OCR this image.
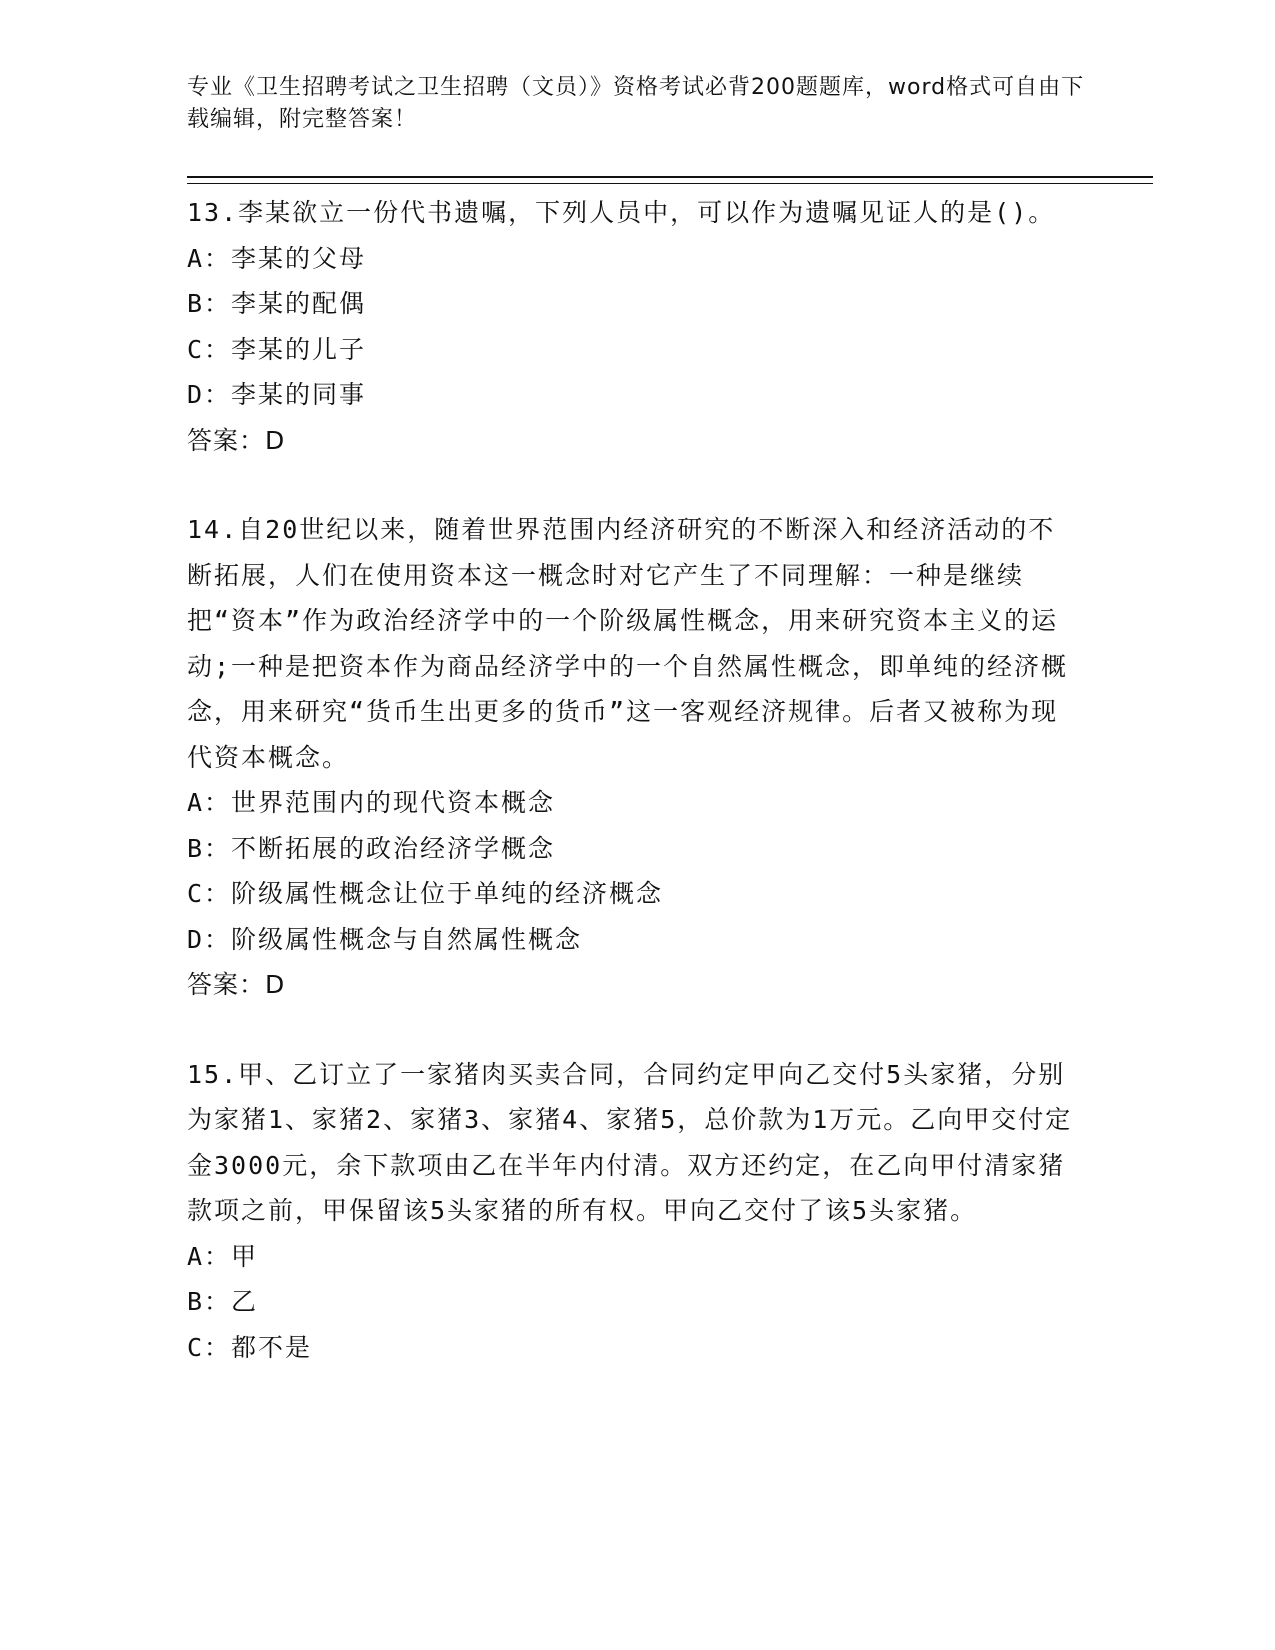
专业《卫生招聘考试之卫生招聘（文员）》资格考试必背200题题库，word格式可自由下载编辑，附完整答案！

13.李某欲立一份代书遗嘱，下列人员中，可以作为遗嘱见证人的是()。

A：李某的父母

B：李某的配偶

C：李某的儿子

D：李某的同事

答案：D

14.自20世纪以来，随着世界范围内经济研究的不断深入和经济活动的不断拓展，人们在使用资本这一概念时对它产生了不同理解：一种是继续把“资本”作为政治经济学中的一个阶级属性概念，用来研究资本主义的运动;一种是把资本作为商品经济学中的一个自然属性概念，即单纯的经济概念，用来研究“货币生出更多的货币”这一客观经济规律。后者又被称为现代资本概念。

A：世界范围内的现代资本概念

B：不断拓展的政治经济学概念

C：阶级属性概念让位于单纯的经济概念

D：阶级属性概念与自然属性概念

答案：D

15.甲、乙订立了一家猪肉买卖合同，合同约定甲向乙交付5头家猪，分别为家猪1、家猪2、家猪3、家猪4、家猪5，总价款为1万元。乙向甲交付定金3000元，余下款项由乙在半年内付清。双方还约定，在乙向甲付清家猪款项之前，甲保留该5头家猪的所有权。甲向乙交付了该5头家猪。

A：甲

B：乙

C：都不是
